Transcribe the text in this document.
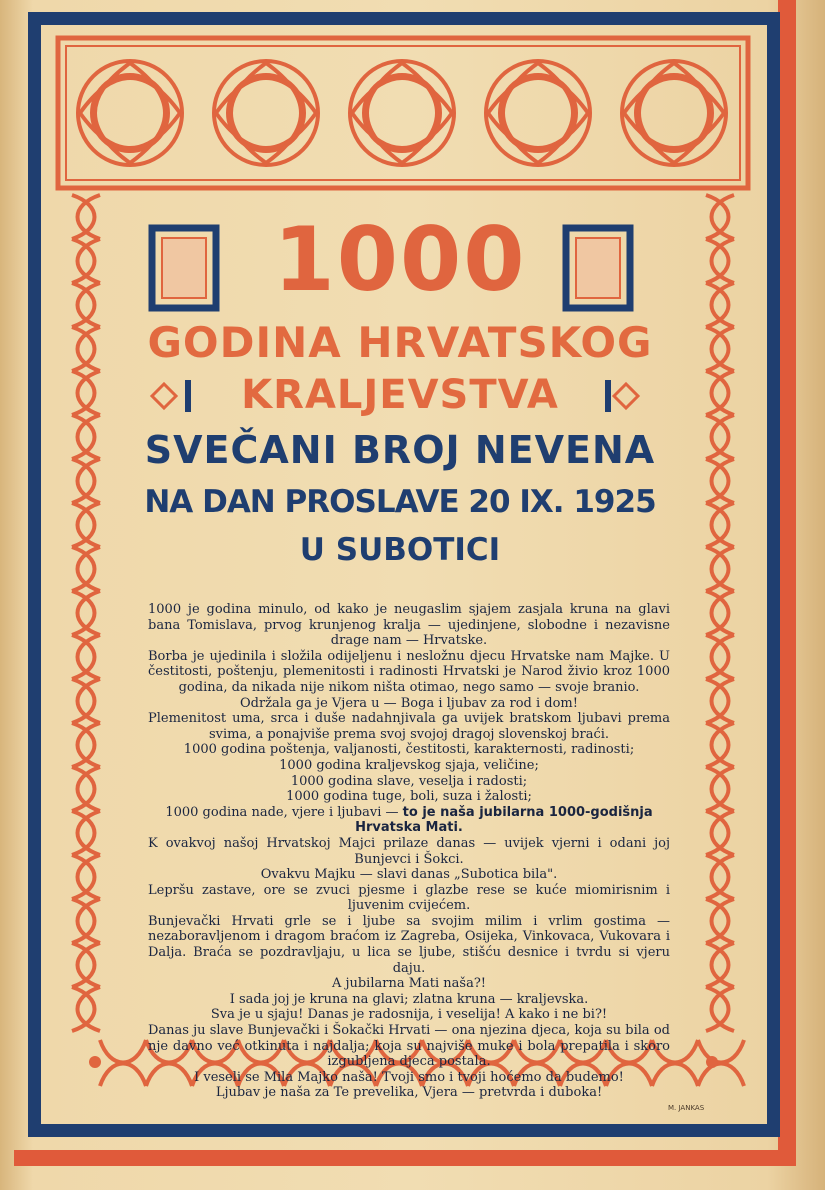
1000
GODINA HRVATSKOG
KRALJEVSTVA
SVEČANI BROJ NEVENA
NA DAN PROSLAVE 20 IX. 1925
U SUBOTICI

1000 je godina minulo, od kako je neugaslim sjajem zasjala kruna na glavi bana Tomislava, prvog krunjenog kralja — ujedinjene, slobodne i nezavisne drage nam — Hrvatske.

Borba je ujedinila i složila odijeljenu i nesložnu djecu Hrvatske nam Majke. U čestitosti, poštenju, plemenitosti i radinosti Hrvatski je Narod živio kroz 1000 godina, da nikada nije nikom ništa otimao, nego samo — svoje branio.

Održala ga je Vjera u — Boga i ljubav za rod i dom!

Plemenitost uma, srca i duše nadahnjivala ga uvijek bratskom ljubavi prema svima, a ponajviše prema svoj svojoj dragoj slovenskoj braći.

1000 godina poštenja, valjanosti, čestitosti, karakternosti, radinosti;

1000 godina kraljevskog sjaja, veličine;

1000 godina slave, veselja i radosti;

1000 godina tuge, boli, suza i žalosti;

1000 godina nade, vjere i ljubavi — to je naša jubilarna 1000-godišnja Hrvatska Mati.

K ovakvoj našoj Hrvatskoj Majci prilaze danas — uvijek vjerni i odani joj Bunjevci i Šokci.

Ovakvu Majku — slavi danas „Subotica bila".

Lepršu zastave, ore se zvuci pjesme i glazbe rese se kuće miomirisnim i ljuvenim cvijećem.

Bunjevački Hrvati grle se i ljube sa svojim milim i vrlim gostima — nezaboravljenom i dragom braćom iz Zagreba, Osijeka, Vinkovaca, Vukovara i Dalja. Braća se pozdravljaju, u lica se ljube, stišću desnice i tvrdu si vjeru daju.

A jubilarna Mati naša?!

I sada joj je kruna na glavi; zlatna kruna — kraljevska.

Sva je u sjaju! Danas je radosnija, i veselija! A kako i ne bi?!

Danas ju slave Bunjevački i Šokački Hrvati — ona njezina djeca, koja su bila od nje davno već otkinuta i najdalja; koja su najviše muke i bola prepatila i skoro izgubljena djeca postala.

I veseli se Mila Majko naša! Tvoji smo i tvoji hoćemo da budemo!

Ljubav je naša za Te prevelika, Vjera — pretvrda i duboka!

M. JANKAS
